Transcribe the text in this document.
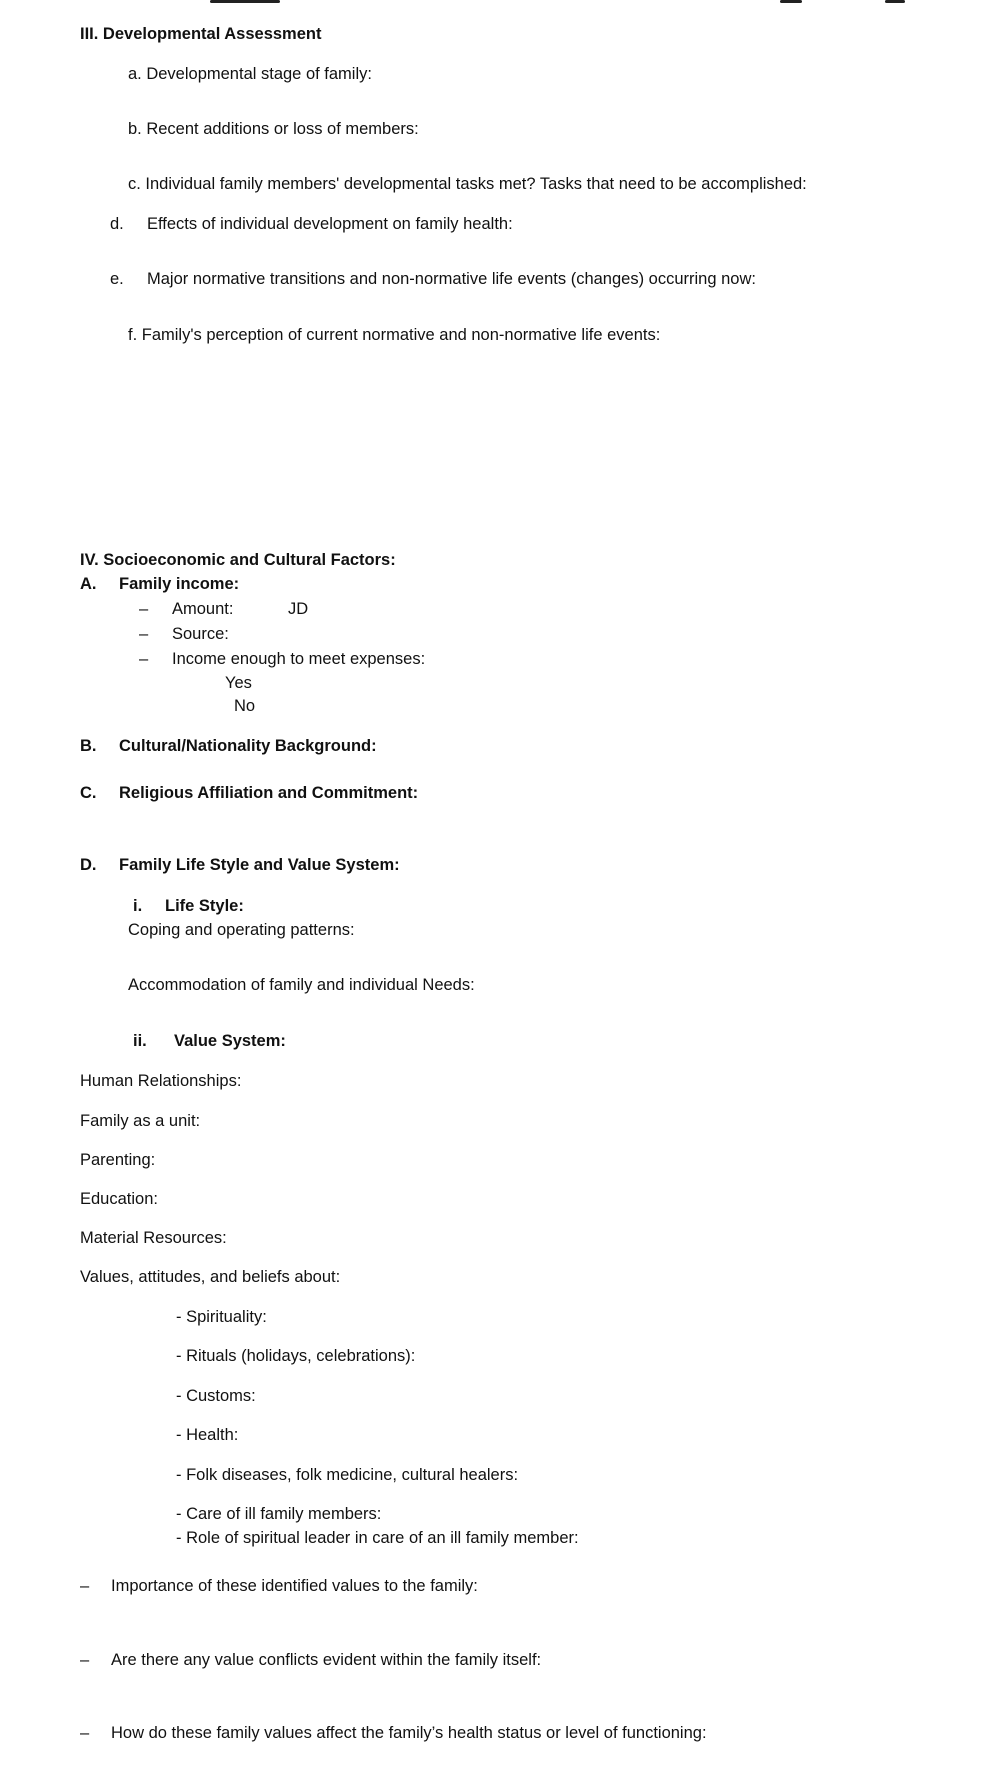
III. Developmental Assessment
a. Developmental stage of family:
b. Recent additions or loss of members:
c. Individual family members' developmental tasks met? Tasks that need to be accomplished:
d. Effects of individual development on family health:
e. Major normative transitions and non-normative life events (changes) occurring now:
f. Family's perception of current normative and non-normative life events:
IV. Socioeconomic and Cultural Factors:
A. Family income:
– Amount:	JD
– Source:
– Income enough to meet expenses:
Yes
No
B. Cultural/Nationality Background:
C. Religious Affiliation and Commitment:
D. Family Life Style and Value System:
i. Life Style:
Coping and operating patterns:
Accommodation of family and individual Needs:
ii. Value System:
Human Relationships:
Family as a unit:
Parenting:
Education:
Material Resources:
Values, attitudes, and beliefs about:
- Spirituality:
- Rituals (holidays, celebrations):
- Customs:
- Health:
- Folk diseases, folk medicine, cultural healers:
- Care of ill family members:
- Role of spiritual leader in care of an ill family member:
– Importance of these identified values to the family:
– Are there any value conflicts evident within the family itself:
– How do these family values affect the family’s health status or level of functioning:
